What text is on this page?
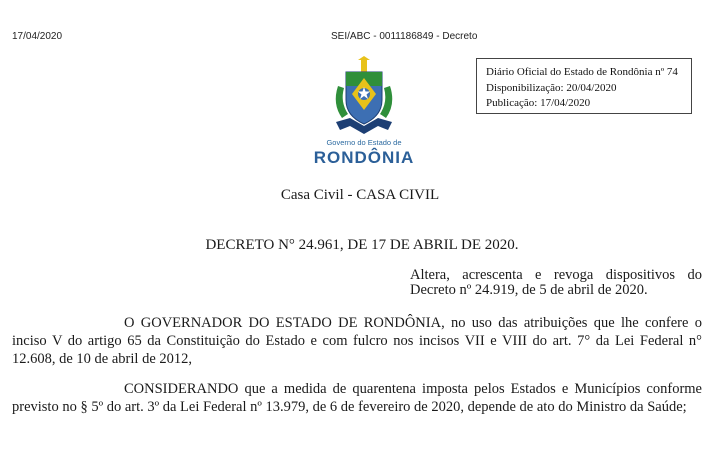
17/04/2020	SEI/ABC - 0011186849 - Decreto
Diário Oficial do Estado de Rondônia nº 74
Disponibilização: 20/04/2020
Publicação: 17/04/2020
Governo do Estado de
RONDÔNIA
Casa Civil - CASA CIVIL
DECRETO N° 24.961, DE 17 DE ABRIL DE 2020.
Altera, acrescenta e revoga dispositivos do Decreto nº 24.919, de 5 de abril de 2020.
O GOVERNADOR DO ESTADO DE RONDÔNIA, no uso das atribuições que lhe confere o inciso V do artigo 65 da Constituição do Estado e com fulcro nos incisos VII e VIII do art. 7° da Lei Federal n° 12.608, de 10 de abril de 2012,
CONSIDERANDO que a medida de quarentena imposta pelos Estados e Municípios conforme previsto no § 5º do art. 3º da Lei Federal nº 13.979, de 6 de fevereiro de 2020, depende de ato do Ministro da Saúde;
